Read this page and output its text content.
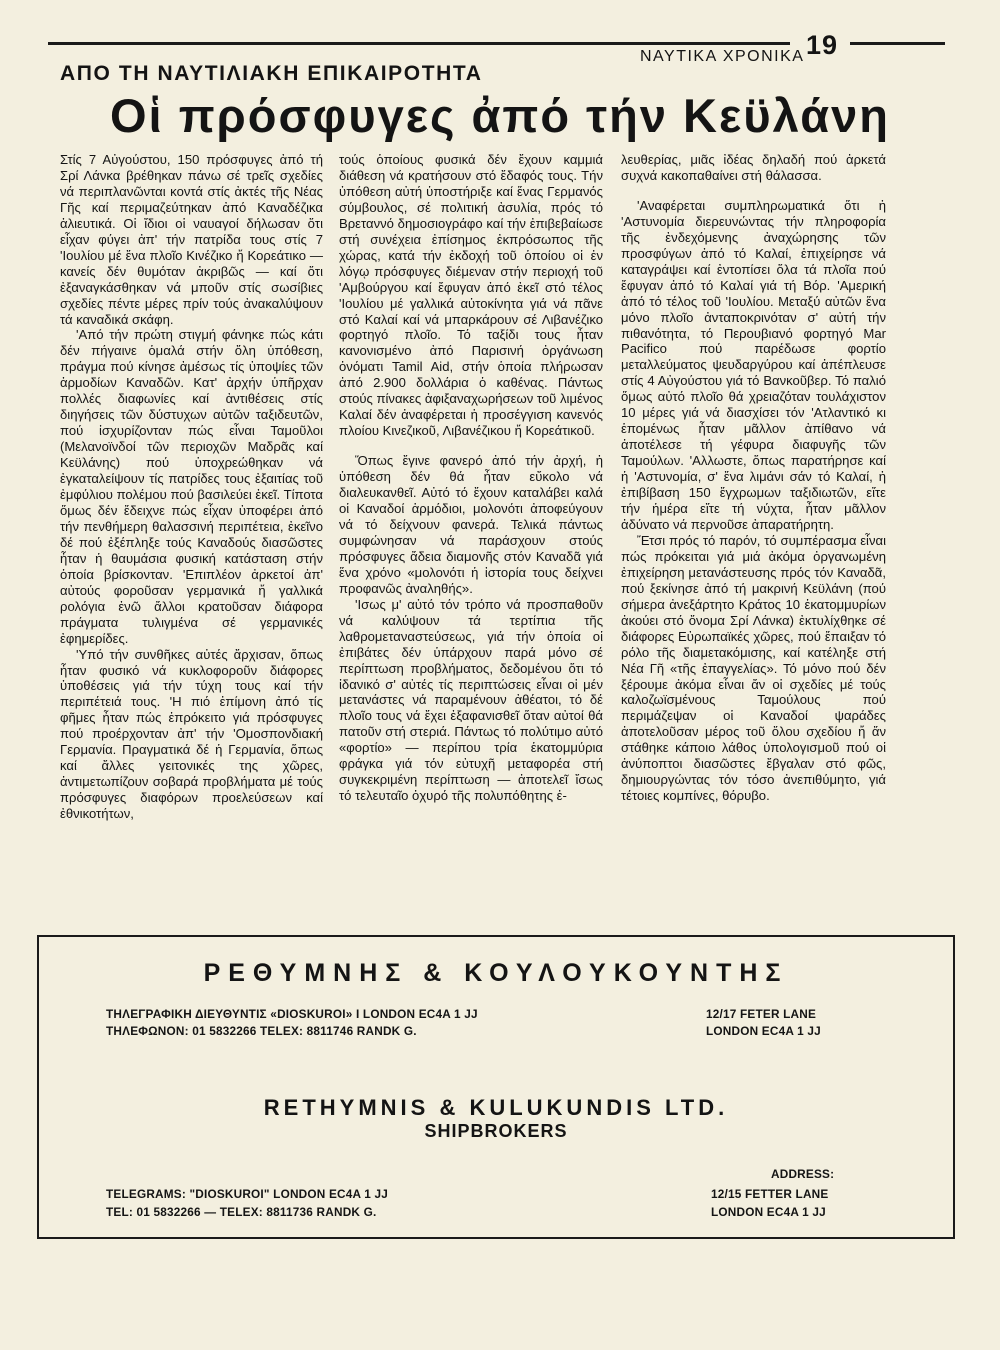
ΝΑΥΤΙΚΑ ΧΡΟΝΙΚΑ 19
ΑΠΟ ΤΗ ΝΑΥΤΙΛΙΑΚΗ ΕΠΙΚΑΙΡΟΤΗΤΑ
Οἱ πρόσφυγες ἀπό τήν Κεϋλάνη

Στίς 7 Αὐγούστου, 150 πρόσφυγες ἀπό τή Σρί Λάνκα βρέθηκαν πάνω σέ τρεῖς σχεδίες νά περιπλανῶνται κοντά στίς ἀκτές τῆς Νέας Γῆς καί περιμαζεύτηκαν ἀπό Καναδέζικα ἁλιευτικά. Οἱ ἴδιοι οἱ ναυαγοί δήλωσαν ὅτι εἶχαν φύγει ἀπ' τήν πατρίδα τους στίς 7 'Ιουλίου μέ ἕνα πλοῖο Κινέζικο ἤ Κορεάτικο — κανείς δέν θυμόταν ἀκριβῶς — καί ὅτι ἐξαναγκάσθηκαν νά μποῦν στίς σωσίβιες σχεδίες πέντε μέρες πρίν τούς ἀνακαλύψουν τά καναδικά σκάφη.

'Από τήν πρώτη στιγμή φάνηκε πώς κάτι δέν πήγαινε ὁμαλά στήν ὅλη ὑπόθεση, πράγμα πού κίνησε ἀμέσως τίς ὑποψίες τῶν ἁρμοδίων Καναδῶν. Κατ' ἀρχήν ὑπῆρχαν πολλές διαφωνίες καί ἀντιθέσεις στίς διηγήσεις τῶν δύστυχων αὐτῶν ταξιδευτῶν, πού ἰσχυρίζονταν πώς εἶναι Ταμοῦλοι (Μελανοϊνδοί τῶν περιοχῶν Μαδρᾶς καί Κεϋλάνης) πού ὑποχρεώθηκαν νά ἐγκαταλείψουν τίς πατρίδες τους ἐξαιτίας τοῦ ἐμφύλιου πολέμου πού βασιλεύει ἐκεῖ. Τίποτα ὅμως δέν ἔδειχνε πώς εἶχαν ὑποφέρει ἀπό τήν πενθήμερη θαλασσινή περιπέτεια, ἐκεῖνο δέ πού ἐξέπληξε τούς Καναδούς διασῶστες ἦταν ἡ θαυμάσια φυσική κατάσταση στήν ὁποία βρίσκονταν. 'Επιπλέον ἀρκετοί ἀπ' αὐτούς φοροῦσαν γερμανικά ἤ γαλλικά ρολόγια ἐνῶ ἄλλοι κρατοῦσαν διάφορα πράγματα τυλιγμένα σέ γερμανικές ἐφημερίδες.

'Υπό τήν συνθῆκες αὐτές ἄρχισαν, ὅπως ἦταν φυσικό νά κυκλοφοροῦν διάφορες ὑποθέσεις γιά τήν τύχη τους καί τήν περιπέτειά τους. 'Η πιό ἐπίμονη ἀπό τίς φῆμες ἦταν πώς ἐπρόκειτο γιά πρόσφυγες πού προέρχονταν ἀπ' τήν 'Ομοσπονδιακή Γερμανία. Πραγματικά δέ ἡ Γερμανία, ὅπως καί ἄλλες γειτονικές της χῶρες, ἀντιμετωπίζουν σοβαρά προβλήματα μέ τούς πρόσφυγες διαφόρων προελεύσεων καί ἐθνικοτήτων,

τούς ὁποίους φυσικά δέν ἔχουν καμμιά διάθεση νά κρατήσουν στό ἔδαφός τους. Τήν ὑπόθεση αὐτή ὑποστήριξε καί ἕνας Γερμανός σύμβουλος, σέ πολιτική ἀσυλία, πρός τό Βρεταννό δημοσιογράφο καί τήν ἐπιβεβαίωσε στή συνέχεια ἐπίσημος ἐκπρόσωπος τῆς χώρας, κατά τήν ἐκδοχή τοῦ ὁποίου οἱ ἐν λόγῳ πρόσφυγες διέμεναν στήν περιοχή τοῦ 'Αμβούργου καί ἔφυγαν ἀπό ἐκεῖ στό τέλος 'Ιουλίου μέ γαλλικά αὐτοκίνητα γιά νά πᾶνε στό Καλαί καί νά μπαρκάρουν σέ Λιβανέζικο φορτηγό πλοῖο. Τό ταξίδι τους ἦταν κανονισμένο ἀπό Παρισινή ὀργάνωση ὀνόματι Tamil Aid, στήν ὁποία πλήρωσαν ἀπό 2.900 δολλάρια ὁ καθένας. Πάντως στούς πίνακες ἀφιξαναχωρήσεων τοῦ λιμένος Καλαί δέν ἀναφέρεται ἡ προσέγγιση κανενός πλοίου Κινεζικοῦ, Λιβανέζικου ἤ Κορεάτικοῦ.

Ὅπως ἔγινε φανερό ἀπό τήν ἀρχή, ἡ ὑπόθεση δέν θά ἦταν εὔκολο νά διαλευκανθεῖ. Αὐτό τό ἔχουν καταλάβει καλά οἱ Καναδοί ἁρμόδιοι, μολονότι ἀποφεύγουν νά τό δείχνουν φανερά. Τελικά πάντως συμφώνησαν νά παράσχουν στούς πρόσφυγες ἄδεια διαμονῆς στόν Καναδᾶ γιά ἕνα χρόνο «μολονότι ἡ ἱστορία τους δείχνει προφανῶς ἀναληθής».

'Ισως μ' αὐτό τόν τρόπο νά προσπαθοῦν νά καλύψουν τά τερτίπια τῆς λαθρομεταναστεύσεως, γιά τήν ὁποία οἱ ἐπιβάτες δέν ὑπάρχουν παρά μόνο σέ περίπτωση προβλήματος, δεδομένου ὅτι τό ἰδανικό σ' αὐτές τίς περιπτώσεις εἶναι οἱ μέν μετανάστες νά παραμένουν ἀθέατοι, τό δέ πλοῖο τους νά ἔχει ἐξαφανισθεῖ ὅταν αὐτοί θά πατοῦν στή στεριά. Πάντως τό πολύτιμο αὐτό «φορτίο» — περίπου τρία ἑκατομμύρια φράγκα γιά τόν εὐτυχῆ μεταφορέα στή συγκεκριμένη περίπτωση — ἀποτελεῖ ἴσως τό τελευταῖο ὀχυρό τῆς πολυπόθητης ἐ-

λευθερίας, μιᾶς ἰδέας δηλαδή πού ἀρκετά συχνά κακοπαθαίνει στή θάλασσα.

'Αναφέρεται συμπληρωματικά ὅτι ἡ 'Αστυνομία διερευνώντας τήν πληροφορία τῆς ἐνδεχόμενης ἀναχώρησης τῶν προσφύγων ἀπό τό Καλαί, ἐπιχείρησε νά καταγράψει καί ἐντοπίσει ὅλα τά πλοῖα πού ἔφυγαν ἀπό τό Καλαί γιά τή Βόρ. 'Αμερική ἀπό τό τέλος τοῦ 'Ιουλίου. Μεταξύ αὐτῶν ἕνα μόνο πλοῖο ἀνταποκρινόταν σ' αὐτή τήν πιθανότητα, τό Περουβιανό φορτηγό Mar Pacifico πού παρέδωσε φορτίο μεταλλεύματος ψευδαργύρου καί ἀπέπλευσε στίς 4 Αὐγούστου γιά τό Βανκοῦβερ. Τό παλιό ὅμως αὐτό πλοῖο θά χρειαζόταν τουλάχιστον 10 μέρες γιά νά διασχίσει τόν 'Ατλαντικό κι ἑπομένως ἦταν μᾶλλον ἀπίθανο νά ἀποτέλεσε τή γέφυρα διαφυγῆς τῶν Ταμούλων. 'Αλλωστε, ὅπως παρατήρησε καί ἡ 'Αστυνομία, σ' ἕνα λιμάνι σάν τό Καλαί, ἡ ἐπιβίβαση 150 ἔγχρωμων ταξιδιωτῶν, εἴτε τήν ἡμέρα εἴτε τή νύχτα, ἦταν μᾶλλον ἀδύνατο νά περνοῦσε ἀπαρατήρητη.

Ἔτσι πρός τό παρόν, τό συμπέρασμα εἶναι πώς πρόκειται γιά μιά ἀκόμα ὀργανωμένη ἐπιχείρηση μετανάστευσης πρός τόν Καναδᾶ, πού ξεκίνησε ἀπό τή μακρινή Κεϋλάνη (πού σήμερα ἀνεξάρτητο Κράτος 10 ἑκατομμυρίων ἀκούει στό ὄνομα Σρί Λάνκα) ἐκτυλίχθηκε σέ διάφορες Εὐρωπαϊκές χῶρες, πού ἔπαιξαν τό ρόλο τῆς διαμετακόμισης, καί κατέληξε στή Νέα Γῆ «τῆς ἐπαγγελίας». Τό μόνο πού δέν ξέρουμε ἀκόμα εἶναι ἄν οἱ σχεδίες μέ τούς καλοζωϊσμένους Ταμούλους πού περιμάζεψαν οἱ Καναδοί ψαράδες ἀποτελοῦσαν μέρος τοῦ ὅλου σχεδίου ἤ ἄν στάθηκε κάποιο λάθος ὑπολογισμοῦ πού οἱ ἀνύποπτοι διασῶστες ἔβγαλαν στό φῶς, δημιουργώντας τόν τόσο ἀνεπιθύμητο, γιά τέτοιες κομπίνες, θόρυβο.

ΡΕΘΥΜΝΗΣ & ΚΟΥΛΟΥΚΟΥΝΤΗΣ
ΤΗΛΕΓΡΑΦΙΚΗ ΔΙΕΥΘΥΝΤΙΣ «DIOSKUROI» I LONDON EC4A 1 JJ
ΤΗΛΕΦΩΝΟΝ: 01 5832266 TELEX: 8811746 RANDK G.
12/17 FETER LANE
LONDON EC4A 1 JJ
RETHYMNIS & KULUKUNDIS LTD.
SHIPBROKERS
ADDRESS:
TELEGRAMS: "DIOSKUROI" LONDON EC4A 1 JJ	12/15 FETTER LANE
TEL: 01 5832266 — TELEX: 8811736 RANDK G.	LONDON EC4A 1 JJ
